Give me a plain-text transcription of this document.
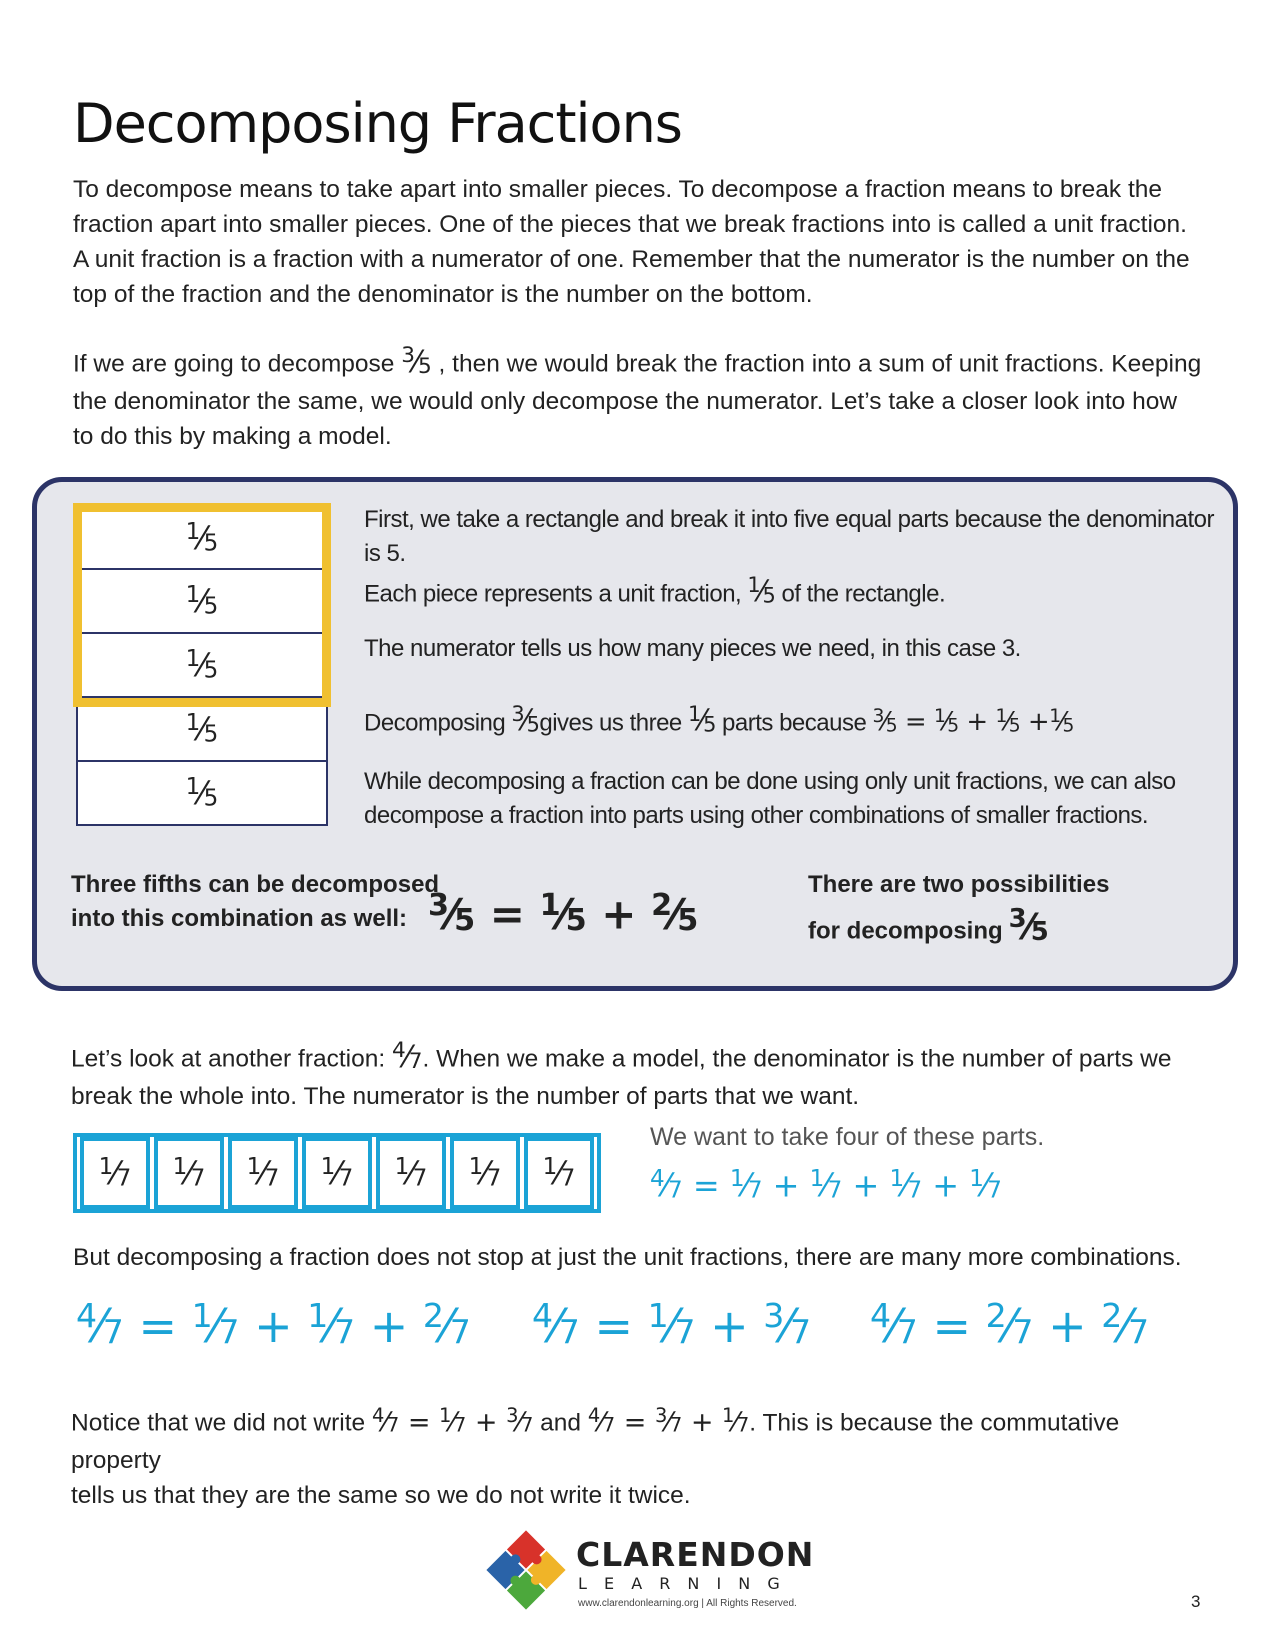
Decomposing Fractions

To decompose means to take apart into smaller pieces. To decompose a fraction means to break the fraction apart into smaller pieces. One of the pieces that we break fractions into is called a unit fraction. A unit fraction is a fraction with a numerator of one. Remember that the numerator is the number on the top of the fraction and the denominator is the number on the bottom.

If we are going to decompose $^3$⁄5 , then we would break the fraction into a sum of unit fractions. Keeping the denominator the same, we would only decompose the numerator. Let’s take a closer look into how to do this by making a model.

$^1$⁄5
$^1$⁄5
$^1$⁄5
$^1$⁄5
$^1$⁄5

First, we take a rectangle and break it into five equal parts because the denominator is 5.

Each piece represents a unit fraction, $^1$⁄5 of the rectangle.

The numerator tells us how many pieces we need, in this case 3.

Decomposing $^3$⁄5gives us three $^1$⁄5 parts because $^3$⁄5 = $^1$⁄5 + $^1$⁄5 +$^1$⁄5

While decomposing a fraction can be done using only unit fractions, we can also decompose a fraction into parts using other combinations of smaller fractions.

Three fifths can be decomposed
into this combination as well: $^3$⁄5 = $^1$⁄5 + $^2$⁄5

There are two possibilities
for decomposing $^3$⁄5

Let’s look at another fraction: $^4$⁄7. When we make a model, the denominator is the number of parts we break the whole into. The numerator is the number of parts that we want.

$^1$⁄7 $^1$⁄7 $^1$⁄7 $^1$⁄7 $^1$⁄7 $^1$⁄7 $^1$⁄7

We want to take four of these parts.

$^4$⁄7 = $^1$⁄7 + $^1$⁄7 + $^1$⁄7 + $^1$⁄7

But decomposing a fraction does not stop at just the unit fractions, there are many more combinations.

$^4$⁄7 = $^1$⁄7 + $^1$⁄7 + $^2$⁄7 $^4$⁄7 = $^1$⁄7 + $^3$⁄7 $^4$⁄7 = $^2$⁄7 + $^2$⁄7

Notice that we did not write $^4$⁄7 = $^1$⁄7 + $^3$⁄7 and $^4$⁄7 = $^3$⁄7 + $^1$⁄7. This is because the commutative property
tells us that they are the same so we do not write it twice.

CLARENDON
L E A R N I N G
www.clarendonlearning.org | All Rights Reserved.	3
